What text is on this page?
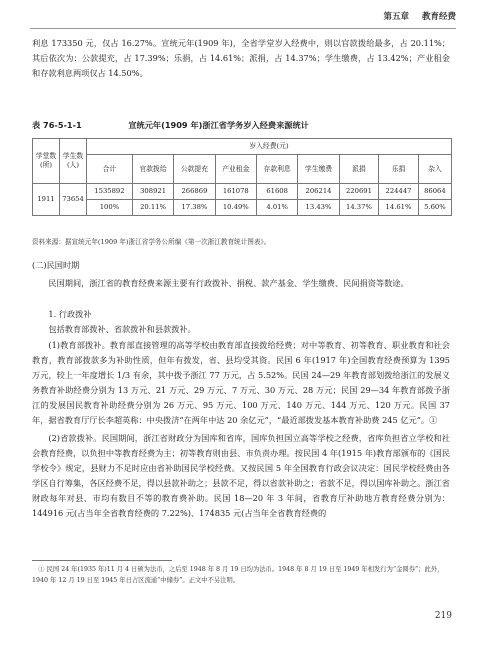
第五章 教育经费
利息 173350 元，仅占 16.27%。宣统元年(1909 年)，全省学堂岁入经费中，则以官款拨给最多，占 20.11%；其后依次为：公款提充，占 17.39%；乐捐，占 14.61%；派捐，占 14.37%；学生缴费，占 13.42%；产业租金和存款利息两项仅占 14.50%。
表 76-5-1-1	宣统元年(1909 年)浙江省学务岁入经费来源统计
学堂数(所)	学生数(人)	岁入经费(元)								
		合计	官款拨给	公款提充	产业租金	存款利息	学生缴费	派捐	乐捐	杂入
1911	73654	1535892	308921	266869	161078	61608	206214	220691	224447	86064
		100%	20.11%	17.38%	10.49%	4.01%	13.43%	14.37%	14.61%	5.60%
资料来源：据宣统元年(1909 年)浙江省学务公所编《第一次浙江教育统计图表》。
(二)民国时期
民国期间，浙江省的教育经费来源主要有行政拨补、捐税、款产基金、学生缴费、民间捐资等数途。
1. 行政拨补
包括教育部拨补、省款拨补和县款拨补。
(1)教育部拨补。教育部直接管理的高等学校由教育部直接拨给经费；对中等教育、初等教育、职业教育和社会教育，教育部拨款多为补助性质，但年有拨发，省、县均受其资。民国 6 年(1917 年)全国教育经费预算为 1395 万元，较上一年度增长 1/3 有余，其中拨予浙江 77 万元，占 5.52%。民国 24—29 年教育部划拨给浙江的发展义务教育补助经费分别为 13 万元、21 万元、29 万元、7 万元、30 万元、28 万元；民国 29—34 年教育部拨予浙江的发展国民教育补助经费分别为 26 万元、95 万元、100 万元、140 万元、144 万元、120 万元。民国 37 年，据省教育厅厅长李超英称：中央拨济“在两年中达 20 余亿元”，“最近部拨发基本教育补助费 245 亿元”。①
(2)省款拨补。民国期间，浙江省财政分为国库和省库，国库负担国立高等学校之经费，省库负担省立学校和社会教育经费，以负担中等教育经费为主；初等教育则由县、市负责办理。按民国 4 年(1915 年)教育部颁布的《国民学校令》规定，县财力不足时应由省补助国民学校经费。又按民国 5 年全国教育行政会议决定：国民学校经费由各学区自行筹集，各区经费不足，得以县款补助之；县款不足，得以省款补助之；省款不足，得以国库补助之。浙江省财政每年对县、市均有数目不等的教育费补助。民国 18—20 年 3 年间，省教育厅补助地方教育经费分别为：144916 元(占当年全省教育经费的 7.22%)、174835 元(占当年全省教育经费的
① 民国 24 年(1935 年)11 月 4 日颁为法币，之后至 1948 年 8 月 19 日均为法币。1948 年 8 月 19 日至 1949 年相发行为“金圆券”；此外，1940 年 12 月 19 日至 1945 年日占区流通“中储券”。正文中不另注明。
219
